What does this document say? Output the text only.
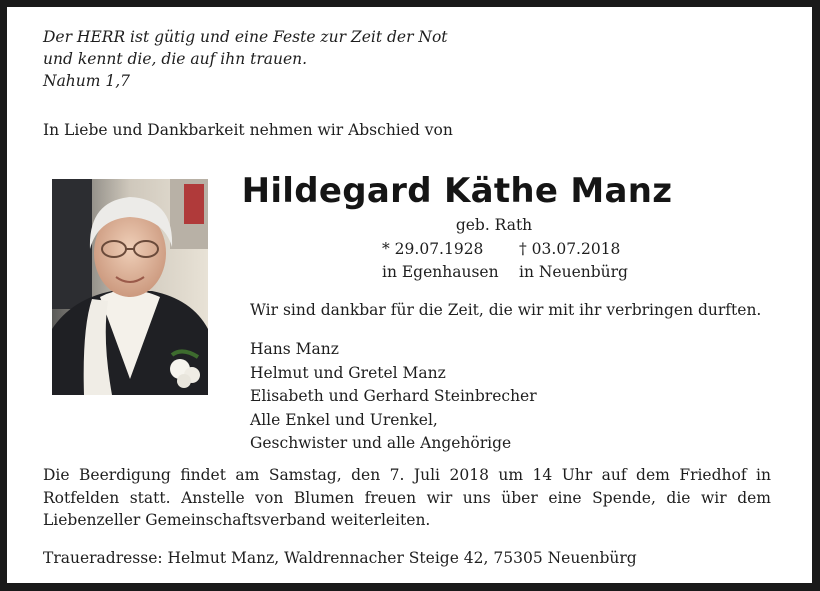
Der HERR ist gütig und eine Feste zur Zeit der Not
und kennt die, die auf ihn trauen.
Nahum 1,7
In Liebe und Dankbarkeit nehmen wir Abschied von
Hildegard Käthe Manz
geb. Rath
* 29.07.1928
in Egenhausen
† 03.07.2018
in Neuenbürg
Wir sind dankbar für die Zeit, die wir mit ihr verbringen durften.
Hans Manz
Helmut und Gretel Manz
Elisabeth und Gerhard Steinbrecher
Alle Enkel und Urenkel,
Geschwister und alle Angehörige
Die Beerdigung findet am Samstag, den 7. Juli 2018 um 14 Uhr auf dem Friedhof in
Rotfelden statt. Anstelle von Blumen freuen wir uns über eine Spende, die wir dem
Liebenzeller Gemeinschaftsverband weiterleiten.
Traueradresse: Helmut Manz, Waldrennacher Steige 42, 75305 Neuenbürg
